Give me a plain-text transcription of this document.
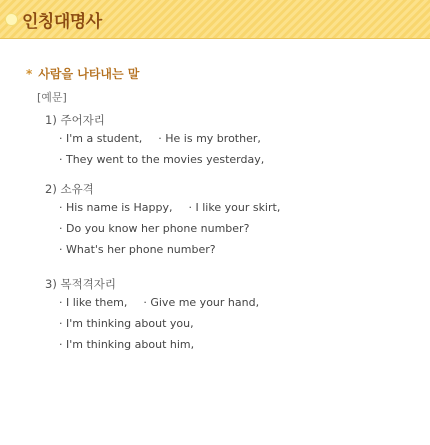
인칭대명사
* 사람을 나타내는 말
[예문]
1) 주어자리
· I'm a student, · He is my brother,
· They went to the movies yesterday,
2) 소유격
· His name is Happy, · I like your skirt,
· Do you know her phone number?
· What's her phone number?
3) 목적격자리
· I like them, · Give me your hand,
· I'm thinking about you,
· I'm thinking about him,
